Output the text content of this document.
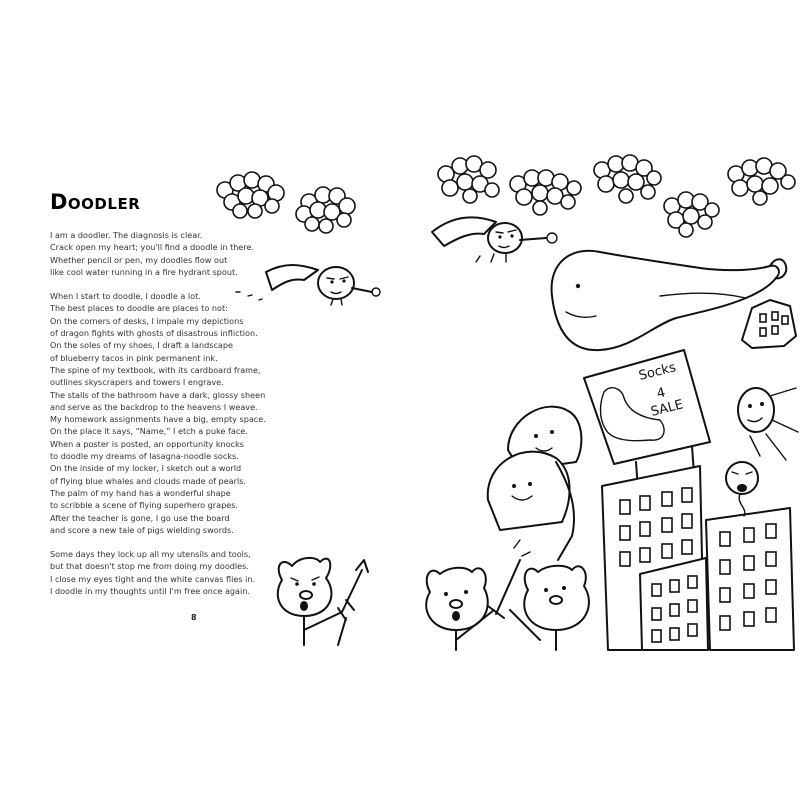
Doodler
I am a doodler. The diagnosis is clear.
Crack open my heart; you'll find a doodle in there.
Whether pencil or pen, my doodles flow out
like cool water running in a fire hydrant spout.
When I start to doodle, I doodle a lot.
The best places to doodle are places to not:
On the corners of desks, I impale my depictions
of dragon fights with ghosts of disastrous infliction.
On the soles of my shoes, I draft a landscape
of blueberry tacos in pink permanent ink.
The spine of my textbook, with its cardboard frame,
outlines skyscrapers and towers I engrave.
The stalls of the bathroom have a dark, glossy sheen
and serve as the backdrop to the heavens I weave.
My homework assignments have a big, empty space.
On the place it says, “Name,” I etch a puke face.
When a poster is posted, an opportunity knocks
to doodle my dreams of lasagna-noodle socks.
On the inside of my locker, I sketch out a world
of flying blue whales and clouds made of pearls.
The palm of my hand has a wonderful shape
to scribble a scene of flying superhero grapes.
After the teacher is gone, I go use the board
and score a new tale of pigs wielding swords.
Some days they lock up all my utensils and tools,
but that doesn't stop me from doing my doodles.
I close my eyes tight and the white canvas flies in.
I doodle in my thoughts until I'm free once again.
8
Socks
4
SALE
